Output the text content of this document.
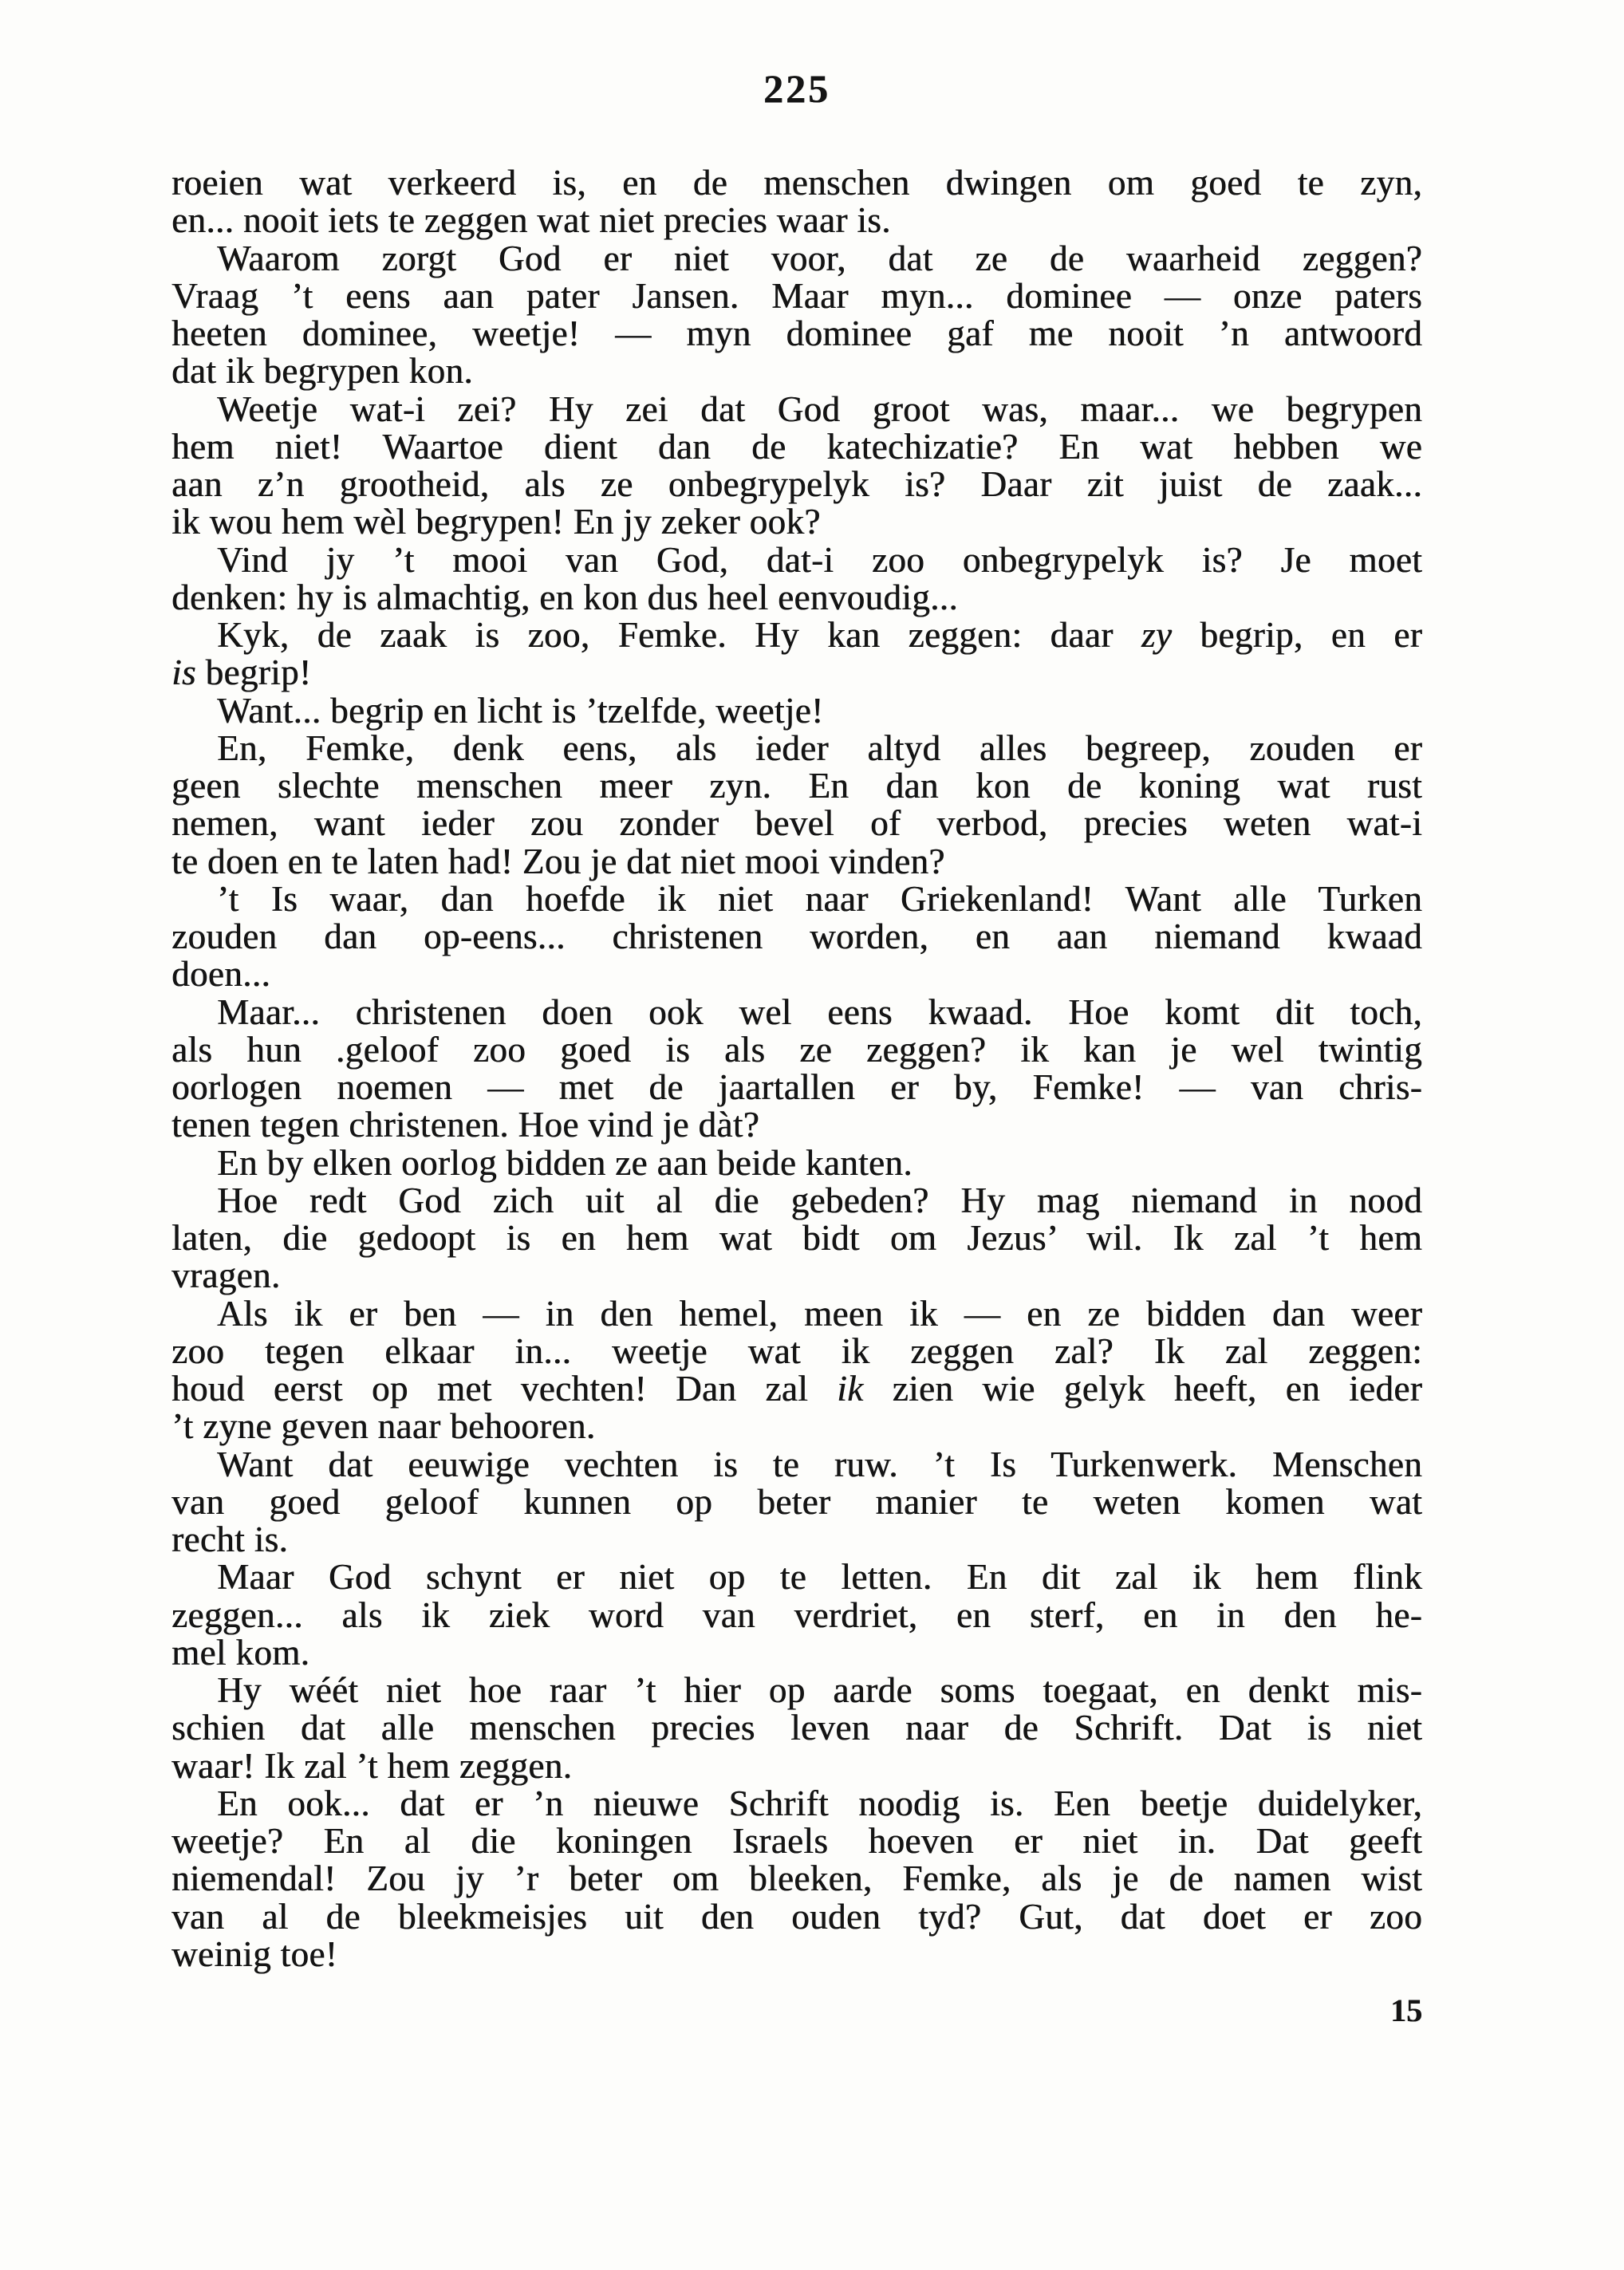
225
roeien wat verkeerd is, en de menschen dwingen om goed te zyn,
en... nooit iets te zeggen wat niet precies waar is.
Waarom zorgt God er niet voor, dat ze de waarheid zeggen?
Vraag ’t eens aan pater Jansen. Maar myn... dominee — onze paters
heeten dominee, weetje! — myn dominee gaf me nooit ’n antwoord
dat ik begrypen kon.
Weetje wat-i zei? Hy zei dat God groot was, maar... we begrypen
hem niet! Waartoe dient dan de katechizatie? En wat hebben we
aan z’n grootheid, als ze onbegrypelyk is? Daar zit juist de zaak...
ik wou hem wèl begrypen! En jy zeker ook?
Vind jy ’t mooi van God, dat-i zoo onbegrypelyk is? Je moet
denken: hy is almachtig, en kon dus heel eenvoudig...
Kyk, de zaak is zoo, Femke. Hy kan zeggen: daar zy begrip, en er
is begrip!
Want... begrip en licht is ’tzelfde, weetje!
En, Femke, denk eens, als ieder altyd alles begreep, zouden er
geen slechte menschen meer zyn. En dan kon de koning wat rust
nemen, want ieder zou zonder bevel of verbod, precies weten wat-i
te doen en te laten had! Zou je dat niet mooi vinden?
’t Is waar, dan hoefde ik niet naar Griekenland! Want alle Turken
zouden dan op-eens... christenen worden, en aan niemand kwaad
doen...
Maar... christenen doen ook wel eens kwaad. Hoe komt dit toch,
als hun .geloof zoo goed is als ze zeggen? ik kan je wel twintig
oorlogen noemen — met de jaartallen er by, Femke! — van chris-
tenen tegen christenen. Hoe vind je dàt?
En by elken oorlog bidden ze aan beide kanten.
Hoe redt God zich uit al die gebeden? Hy mag niemand in nood
laten, die gedoopt is en hem wat bidt om Jezus’ wil. Ik zal ’t hem
vragen.
Als ik er ben — in den hemel, meen ik — en ze bidden dan weer
zoo tegen elkaar in... weetje wat ik zeggen zal? Ik zal zeggen:
houd eerst op met vechten! Dan zal ik zien wie gelyk heeft, en ieder
’t zyne geven naar behooren.
Want dat eeuwige vechten is te ruw. ’t Is Turkenwerk. Menschen
van goed geloof kunnen op beter manier te weten komen wat
recht is.
Maar God schynt er niet op te letten. En dit zal ik hem flink
zeggen... als ik ziek word van verdriet, en sterf, en in den he-
mel kom.
Hy wéét niet hoe raar ’t hier op aarde soms toegaat, en denkt mis-
schien dat alle menschen precies leven naar de Schrift. Dat is niet
waar! Ik zal ’t hem zeggen.
En ook... dat er ’n nieuwe Schrift noodig is. Een beetje duidelyker,
weetje? En al die koningen Israels hoeven er niet in. Dat geeft
niemendal! Zou jy ’r beter om bleeken, Femke, als je de namen wist
van al de bleekmeisjes uit den ouden tyd? Gut, dat doet er zoo
weinig toe!
15
